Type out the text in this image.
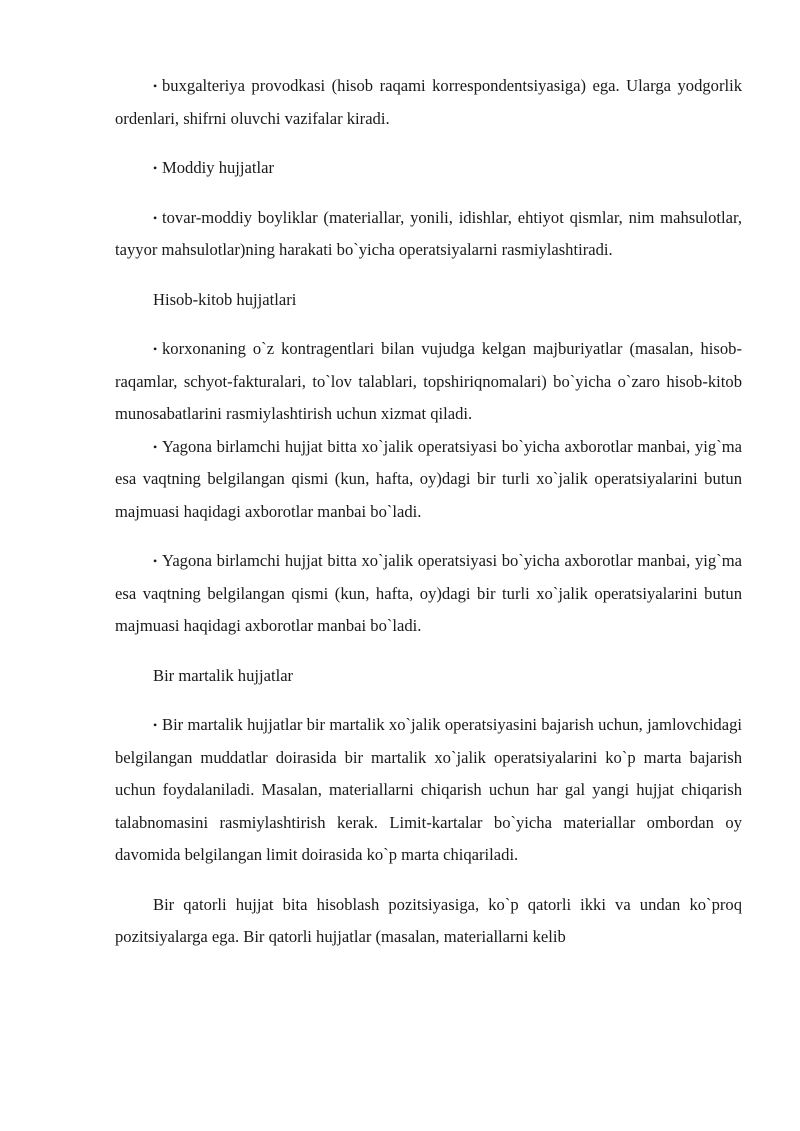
• buxgalteriya provodkasi (hisob raqami korrespondentsiyasiga) ega. Ularga yodgorlik ordenlari, shifrni oluvchi vazifalar kiradi.

• Moddiy hujjatlar

• tovar-moddiy boyliklar (materiallar, yonili, idishlar, ehtiyot qismlar, nim mahsulotlar, tayyor mahsulotlar)ning harakati bo`yicha operatsiyalarni rasmiylashtiradi.

Hisob-kitob hujjatlari

• korxonaning o`z kontragentlari bilan vujudga kelgan majburiyatlar (masalan, hisob-raqamlar, schyot-fakturalari, to`lov talablari, topshiriqnomalari) bo`yicha o`zaro hisob-kitob munosabatlarini rasmiylashtirish uchun xizmat qiladi.

• Yagona birlamchi hujjat bitta xo`jalik operatsiyasi bo`yicha axborotlar manbai, yig`ma esa vaqtning belgilangan qismi (kun, hafta, oy)dagi bir turli xo`jalik operatsiyalarini butun majmuasi haqidagi axborotlar manbai bo`ladi.

• Yagona birlamchi hujjat bitta xo`jalik operatsiyasi bo`yicha axborotlar manbai, yig`ma esa vaqtning belgilangan qismi (kun, hafta, oy)dagi bir turli xo`jalik operatsiyalarini butun majmuasi haqidagi axborotlar manbai bo`ladi.

Bir martalik hujjatlar

• Bir martalik hujjatlar bir martalik xo`jalik operatsiyasini bajarish uchun, jamlovchidagi belgilangan muddatlar doirasida bir martalik xo`jalik operatsiyalarini ko`p marta bajarish uchun foydalaniladi. Masalan, materiallarni chiqarish uchun har gal yangi hujjat chiqarish talabnomasini rasmiylashtirish kerak. Limit-kartalar bo`yicha materiallar ombordan oy davomida belgilangan limit doirasida ko`p marta chiqariladi.

Bir qatorli hujjat bita hisoblash pozitsiyasiga, ko`p qatorli ikki va undan ko`proq pozitsiyalarga ega. Bir qatorli hujjatlar (masalan, materiallarni kelib
